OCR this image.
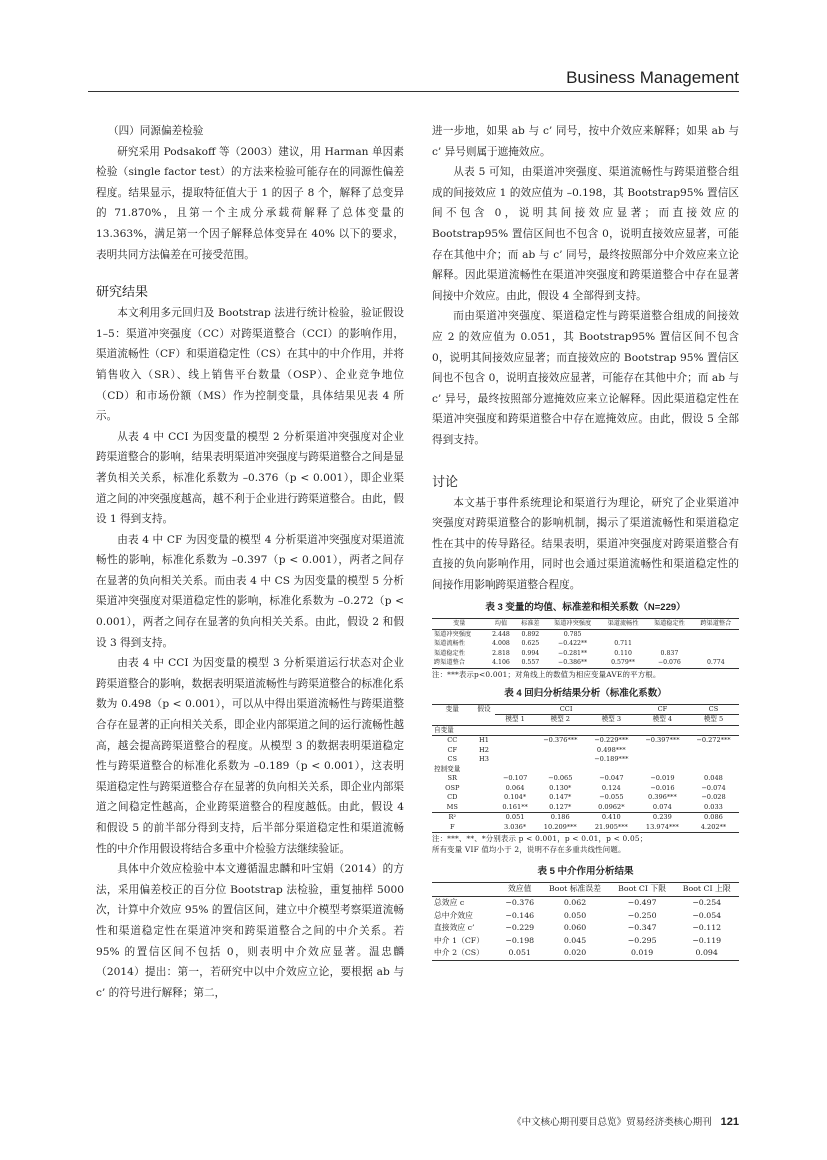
Business Management

（四）同源偏差检验

研究采用 Podsakoff 等（2003）建议，用 Harman 单因素检验（single factor test）的方法来检验可能存在的同源性偏差程度。结果显示，提取特征值大于 1 的因子 8 个，解释了总变异的 71.870%，且第一个主成分承载荷解释了总体变量的 13.363%，满足第一个因子解释总体变异在 40% 以下的要求，表明共同方法偏差在可接受范围。

研究结果

本文利用多元回归及 Bootstrap 法进行统计检验，验证假设 1–5：渠道冲突强度（CC）对跨渠道整合（CCI）的影响作用，渠道流畅性（CF）和渠道稳定性（CS）在其中的中介作用，并将销售收入（SR）、线上销售平台数量（OSP）、企业竞争地位（CD）和市场份额（MS）作为控制变量，具体结果见表 4 所示。

从表 4 中 CCI 为因变量的模型 2 分析渠道冲突强度对企业跨渠道整合的影响，结果表明渠道冲突强度与跨渠道整合之间是显著负相关关系，标准化系数为 –0.376（p < 0.001），即企业渠道之间的冲突强度越高，越不利于企业进行跨渠道整合。由此，假设 1 得到支持。

由表 4 中 CF 为因变量的模型 4 分析渠道冲突强度对渠道流畅性的影响，标准化系数为 –0.397（p < 0.001），两者之间存在显著的负向相关关系。而由表 4 中 CS 为因变量的模型 5 分析渠道冲突强度对渠道稳定性的影响，标准化系数为 –0.272（p < 0.001），两者之间存在显著的负向相关关系。由此，假设 2 和假设 3 得到支持。

由表 4 中 CCI 为因变量的模型 3 分析渠道运行状态对企业跨渠道整合的影响，数据表明渠道流畅性与跨渠道整合的标准化系数为 0.498（p < 0.001），可以从中得出渠道流畅性与跨渠道整合存在显著的正向相关关系，即企业内部渠道之间的运行流畅性越高，越会提高跨渠道整合的程度。从模型 3 的数据表明渠道稳定性与跨渠道整合的标准化系数为 –0.189（p < 0.001），这表明渠道稳定性与跨渠道整合存在显著的负向相关关系，即企业内部渠道之间稳定性越高，企业跨渠道整合的程度越低。由此，假设 4 和假设 5 的前半部分得到支持，后半部分渠道稳定性和渠道流畅性的中介作用假设将结合多重中介检验方法继续验证。

具体中介效应检验中本文遵循温忠麟和叶宝娟（2014）的方法，采用偏差校正的百分位 Bootstrap 法检验，重复抽样 5000 次，计算中介效应 95% 的置信区间，建立中介模型考察渠道流畅性和渠道稳定性在渠道冲突和跨渠道整合之间的中介关系。若 95% 的置信区间不包括 0，则表明中介效应显著。温忠麟（2014）提出：第一，若研究中以中介效应立论，要根据 ab 与 c’ 的符号进行解释；第二，

进一步地，如果 ab 与 c’ 同号，按中介效应来解释；如果 ab 与 c’ 异号则属于遮掩效应。

从表 5 可知，由渠道冲突强度、渠道流畅性与跨渠道整合组成的间接效应 1 的效应值为 –0.198，其 Bootstrap95% 置信区间不包含 0，说明其间接效应显著；而直接效应的 Bootstrap95% 置信区间也不包含 0，说明直接效应显著，可能存在其他中介；而 ab 与 c’ 同号，最终按照部分中介效应来立论解释。因此渠道流畅性在渠道冲突强度和跨渠道整合中存在显著间接中介效应。由此，假设 4 全部得到支持。

而由渠道冲突强度、渠道稳定性与跨渠道整合组成的间接效应 2 的效应值为 0.051，其 Bootstrap95% 置信区间不包含 0，说明其间接效应显著；而直接效应的 Bootstrap 95% 置信区间也不包含 0，说明直接效应显著，可能存在其他中介；而 ab 与 c’ 异号，最终按照部分遮掩效应来立论解释。因此渠道稳定性在渠道冲突强度和跨渠道整合中存在遮掩效应。由此，假设 5 全部得到支持。

讨论

本文基于事件系统理论和渠道行为理论，研究了企业渠道冲突强度对跨渠道整合的影响机制，揭示了渠道流畅性和渠道稳定性在其中的传导路径。结果表明，渠道冲突强度对跨渠道整合有直接的负向影响作用，同时也会通过渠道流畅性和渠道稳定性的间接作用影响跨渠道整合程度。

表 3 变量的均值、标准差和相关系数（N=229）
变量	均值	标准差	渠道冲突强度	渠道流畅性	渠道稳定性	跨渠道整合
渠道冲突强度	2.448	0.892	0.785			
渠道流畅性	4.008	0.625	−0.422**	0.711		
渠道稳定性	2.818	0.994	−0.281**	0.110	0.837	
跨渠道整合	4.106	0.557	−0.386**	0.579**	−0.076	0.774

注：***表示p<0.001；对角线上的数值为相应变量AVE的平方根。

表 4 回归分析结果分析（标准化系数）
变量	假设	CCI			CF	CS
		模型 1	模型 2	模型 3	模型 4	模型 5
自变量						
CC	H1		−0.376***	−0.229***	−0.397***	−0.272***
CF	H2			0.498***		
CS	H3			−0.189***		
控制变量						
SR		−0.107	−0.065	−0.047	−0.019	0.048
OSP		0.064	0.130*	0.124	−0.016	−0.074
CD		0.104*	0.147*	−0.055	0.396***	−0.028
MS		0.161**	0.127*	0.0962*	0.074	0.033
R²		0.051	0.186	0.410	0.239	0.086
F		3.036*	10.209***	21.905***	13.974***	4.202**

注：***、**、*分别表示 p < 0.001，p < 0.01，p < 0.05；

所有变量 VIF 值均小于 2，说明不存在多重共线性问题。

表 5 中介作用分析结果
	效应值	Boot 标准误差	Boot CI 下限	Boot CI 上限
总效应 c	−0.376	0.062	−0.497	−0.254
总中介效应	−0.146	0.050	−0.250	−0.054
直接效应 c’	−0.229	0.060	−0.347	−0.112
中介 1（CF）	−0.198	0.045	−0.295	−0.119
中介 2（CS）	0.051	0.020	0.019	0.094
《中文核心期刊要目总览》贸易经济类核心期刊 121
